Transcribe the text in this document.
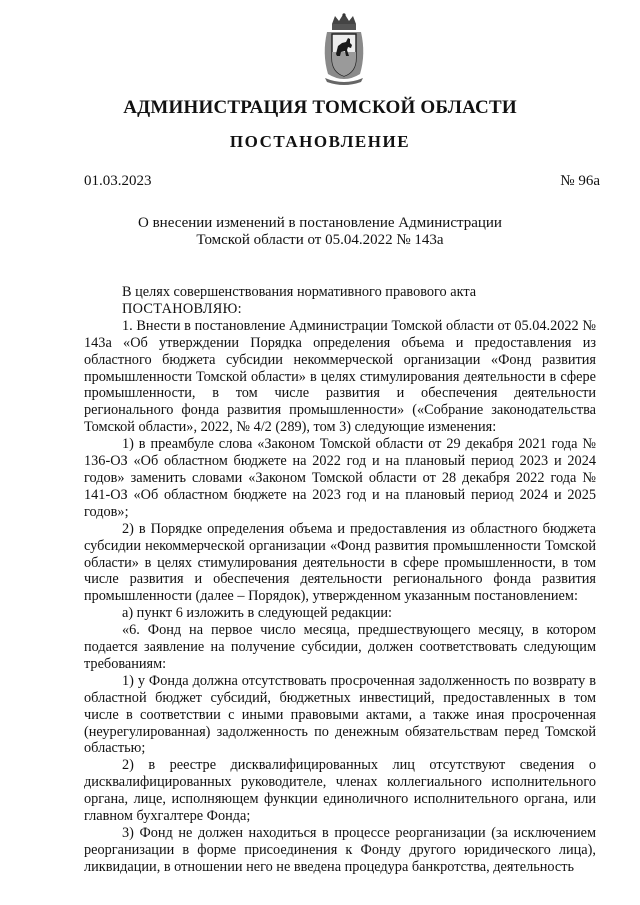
АДМИНИСТРАЦИЯ ТОМСКОЙ ОБЛАСТИ
ПОСТАНОВЛЕНИЕ
01.03.2023	№ 96а
О внесении изменений в постановление Администрации
Томской области от 05.04.2022 № 143а

В целях совершенствования нормативного правового акта

ПОСТАНОВЛЯЮ:

1. Внести в постановление Администрации Томской области от 05.04.2022 № 143а «Об утверждении Порядка определения объема и предоставления из областного бюджета субсидии некоммерческой организации «Фонд развития промышленности Томской области» в целях стимулирования деятельности в сфере промышленности, в том числе развития и обеспечения деятельности регионального фонда развития промышленности» («Собрание законодательства Томской области», 2022, № 4/2 (289), том 3) следующие изменения:

1) в преамбуле слова «Законом Томской области от 29 декабря 2021 года № 136-ОЗ «Об областном бюджете на 2022 год и на плановый период 2023 и 2024 годов» заменить словами «Законом Томской области от 28 декабря 2022 года № 141-ОЗ «Об областном бюджете на 2023 год и на плановый период 2024 и 2025 годов»;

2) в Порядке определения объема и предоставления из областного бюджета субсидии некоммерческой организации «Фонд развития промышленности Томской области» в целях стимулирования деятельности в сфере промышленности, в том числе развития и обеспечения деятельности регионального фонда развития промышленности (далее – Порядок), утвержденном указанным постановлением:

а) пункт 6 изложить в следующей редакции:

«6. Фонд на первое число месяца, предшествующего месяцу, в котором подается заявление на получение субсидии, должен соответствовать следующим требованиям:

1) у Фонда должна отсутствовать просроченная задолженность по возврату в областной бюджет субсидий, бюджетных инвестиций, предоставленных в том числе в соответствии с иными правовыми актами, а также иная просроченная (неурегулированная) задолженность по денежным обязательствам перед Томской областью;

2) в реестре дисквалифицированных лиц отсутствуют сведения о дисквалифицированных руководителе, членах коллегиального исполнительного органа, лице, исполняющем функции единоличного исполнительного органа, или главном бухгалтере Фонда;

3) Фонд не должен находиться в процессе реорганизации (за исключением реорганизации в форме присоединения к Фонду другого юридического лица), ликвидации, в отношении него не введена процедура банкротства, деятельность
